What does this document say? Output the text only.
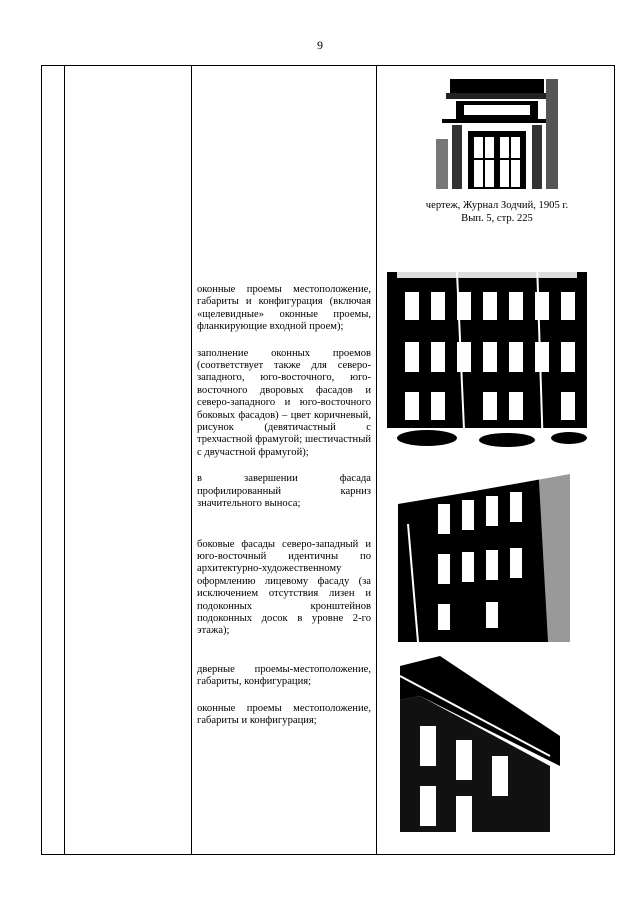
9
чертеж, Журнал Зодчий, 1905 г.
Вып. 5, стр. 225

оконные проемы местоположение, габариты и конфигурация (включая «щелевидные» оконные проемы, фланкирующие входной проем);

заполнение оконных проемов (соответствует также для северо-западного, юго-восточного, юго-восточного дворовых фасадов и северо-западного и юго-восточного боковых фасадов) – цвет коричневый, рисунок (девятичастный с трехчастной фрамугой; шестичастный с двучастной фрамугой);

в завершении фасада профилированный карниз значительного выноса;

боковые фасады северо-западный и юго-восточный идентичны по архитектурно-художественному оформлению лицевому фасаду (за исключением отсутствия лизен и подоконных кронштейнов подоконных досок в уровне 2-го этажа);

дверные проемы-местоположение, габариты, конфигурация;

оконные проемы местоположение, габариты и конфигурация;
